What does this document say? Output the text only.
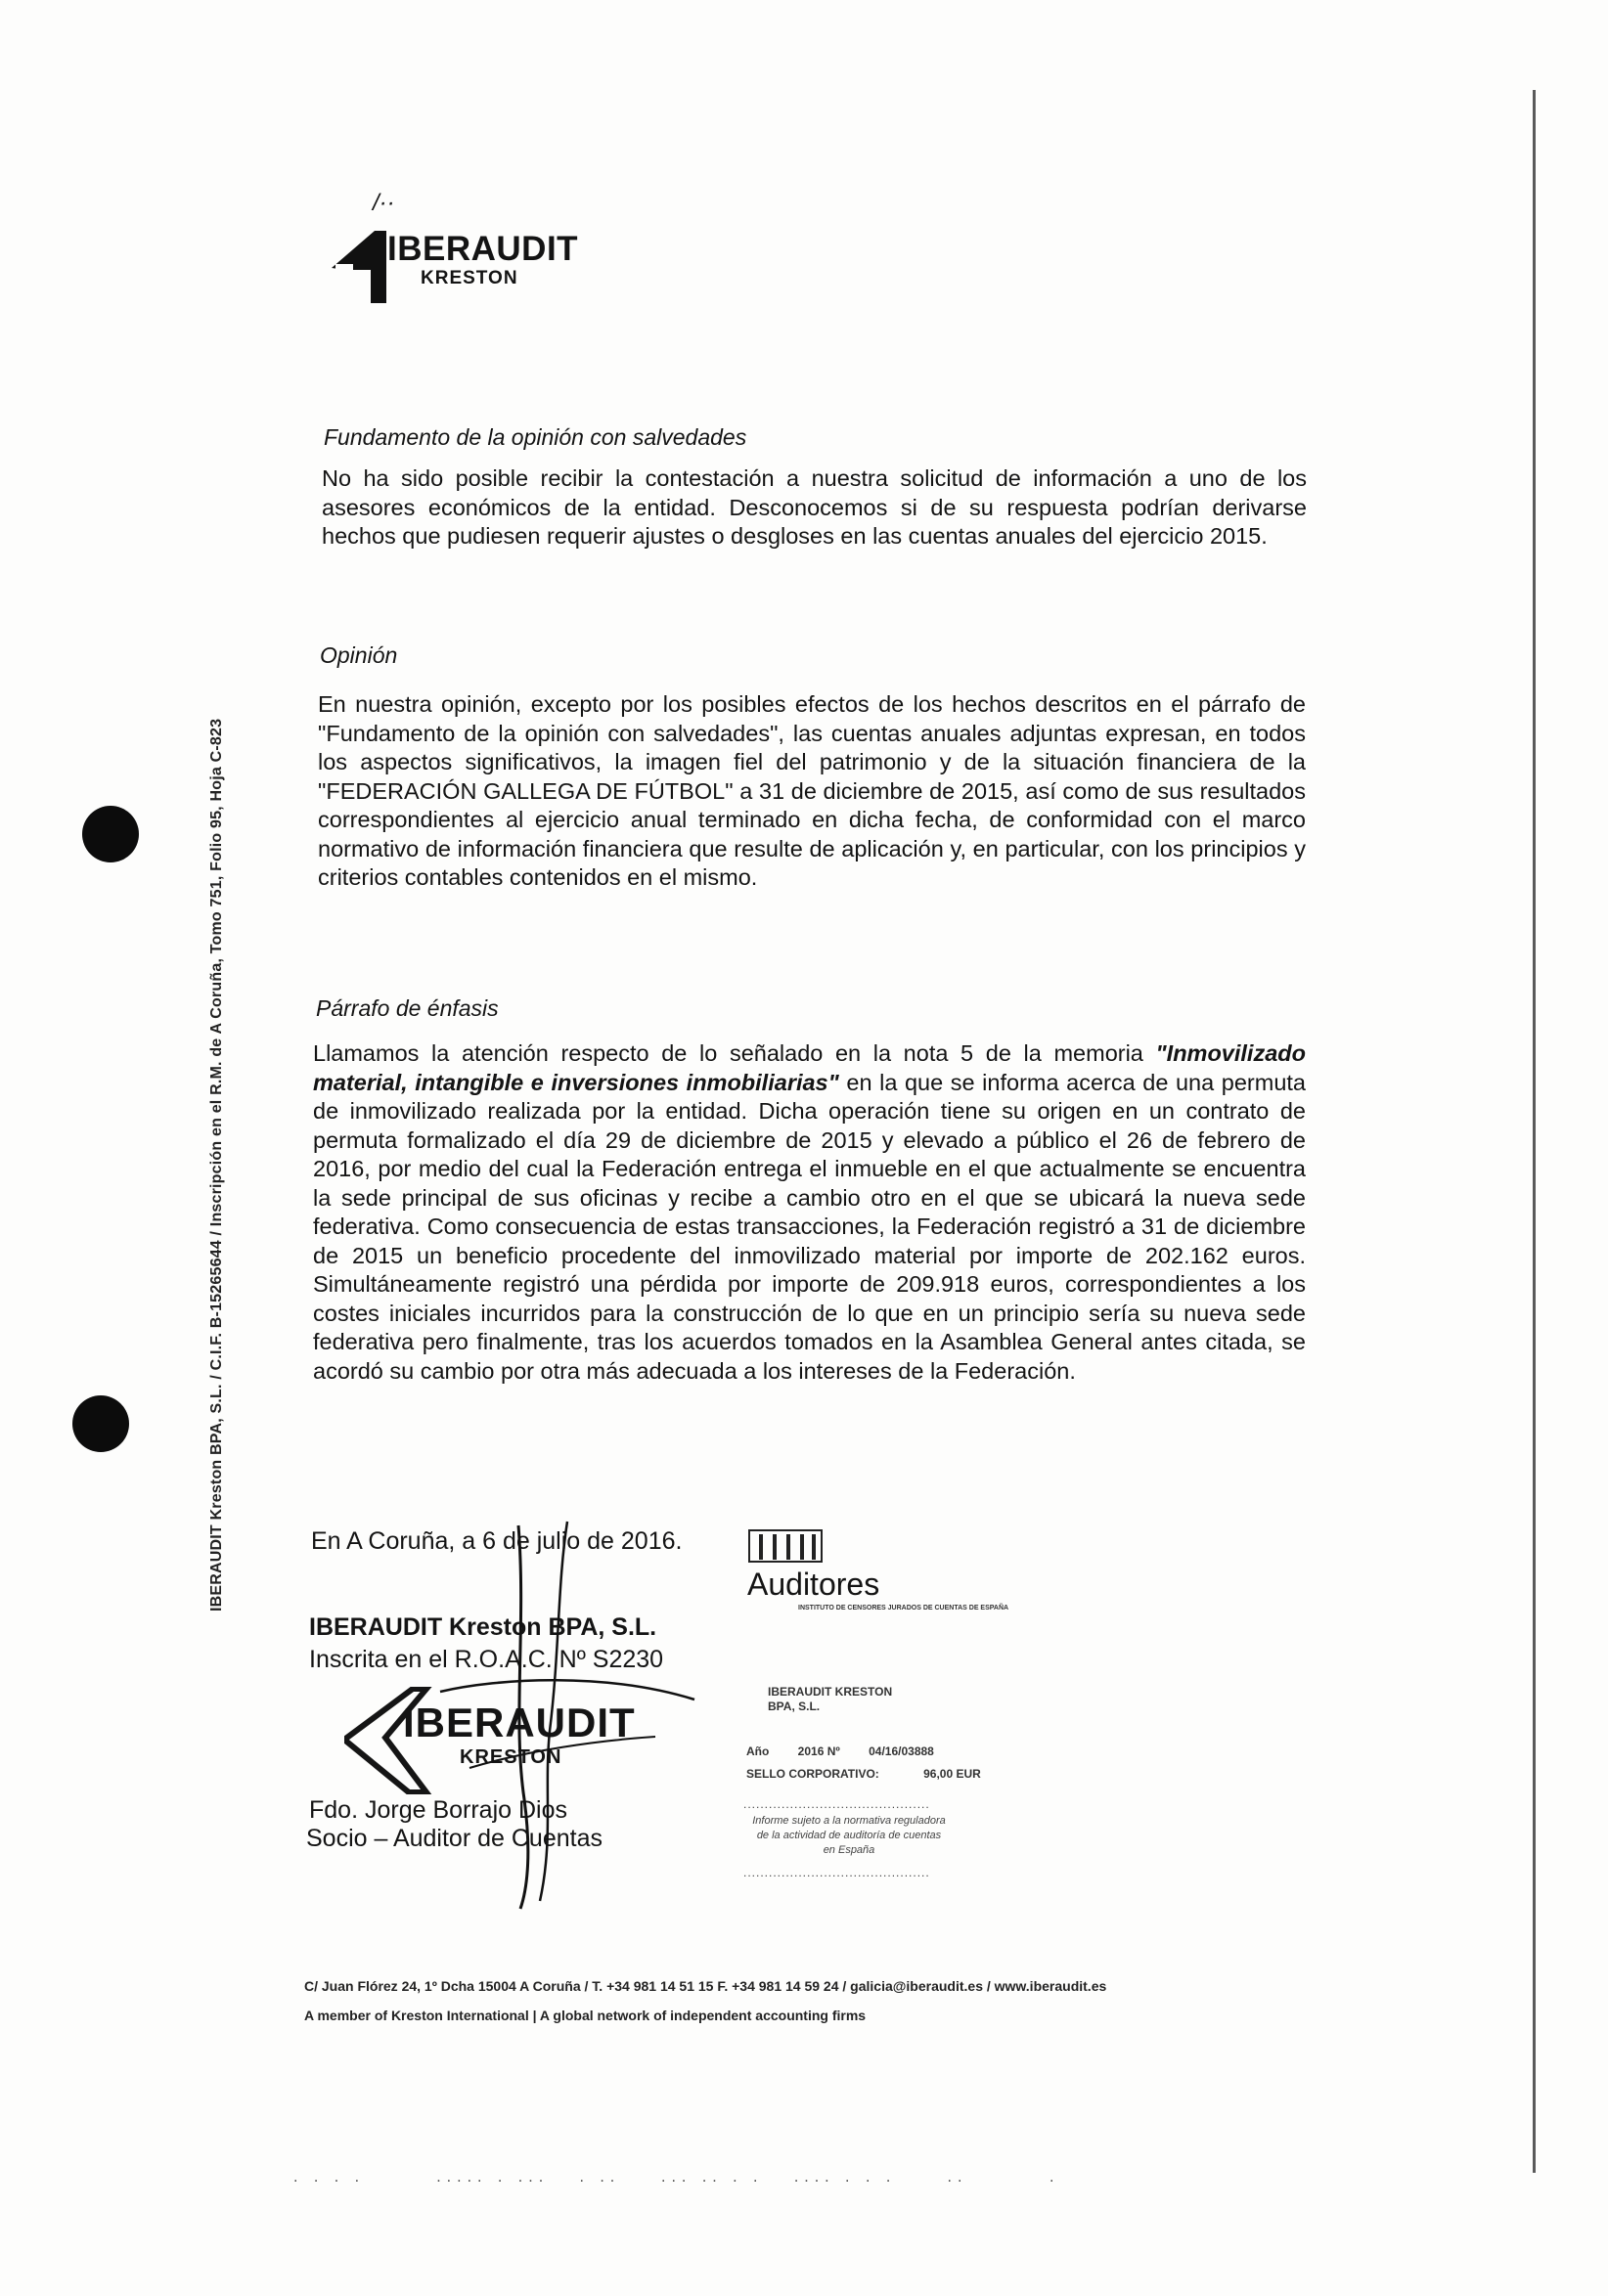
IBERAUDIT Kreston BPA, S.L. / C.I.F. B-15265644 / Inscripción en el R.M. de A Coruña, Tomo 751, Folio 95, Hoja C-823
/··
IBERAUDIT
KRESTON
Fundamento de la opinión con salvedades

No ha sido posible recibir la contestación a nuestra solicitud de información a uno de los asesores económicos de la entidad. Desconocemos si de su respuesta podrían derivarse hechos que pudiesen requerir ajustes o desgloses en las cuentas anuales del ejercicio 2015.

Opinión

En nuestra opinión, excepto por los posibles efectos de los hechos descritos en el párrafo de "Fundamento de la opinión con salvedades", las cuentas anuales adjuntas expresan, en todos los aspectos significativos, la imagen fiel del patrimonio y de la situación financiera de la "FEDERACIÓN GALLEGA DE FÚTBOL" a 31 de diciembre de 2015, así como de sus resultados correspondientes al ejercicio anual terminado en dicha fecha, de conformidad con el marco normativo de información financiera que resulte de aplicación y, en particular, con los principios y criterios contables contenidos en el mismo.

Párrafo de énfasis

Llamamos la atención respecto de lo señalado en la nota 5 de la memoria "Inmovilizado material, intangible e inversiones inmobiliarias" en la que se informa acerca de una permuta de inmovilizado realizada por la entidad. Dicha operación tiene su origen en un contrato de permuta formalizado el día 29 de diciembre de 2015 y elevado a público el 26 de febrero de 2016, por medio del cual la Federación entrega el inmueble en el que actualmente se encuentra la sede principal de sus oficinas y recibe a cambio otro en el que se ubicará la nueva sede federativa. Como consecuencia de estas transacciones, la Federación registró a 31 de diciembre de 2015 un beneficio procedente del inmovilizado material por importe de 202.162 euros. Simultáneamente registró una pérdida por importe de 209.918 euros, correspondientes a los costes iniciales incurridos para la construcción de lo que en un principio sería su nueva sede federativa pero finalmente, tras los acuerdos tomados en la Asamblea General antes citada, se acordó su cambio por otra más adecuada a los intereses de la Federación.

En A Coruña, a 6 de julio de 2016.
IBERAUDIT Kreston BPA, S.L.
Inscrita en el R.O.A.C. Nº S2230
IBERAUDIT
KRESTON
Fdo. Jorge Borrajo Dios
Socio – Auditor de Cuentas
Auditores
INSTITUTO DE CENSORES JURADOS DE CUENTAS DE ESPAÑA
IBERAUDIT KRESTON BPA, S.L.
Año 2016 Nº 04/16/03888
SELLO CORPORATIVO:	96,00 EUR
............................................
Informe sujeto a la normativa reguladora de la actividad de auditoría de cuentas en España
............................................
C/ Juan Flórez 24, 1º Dcha 15004 A Coruña / T. +34 981 14 51 15 F. +34 981 14 59 24 / galicia@iberaudit.es / www.iberaudit.es
A member of Kreston International | A global network of independent accounting firms
. . . .       ..... . ...   . ..    ... .. . .   .... . . .     ..        .
